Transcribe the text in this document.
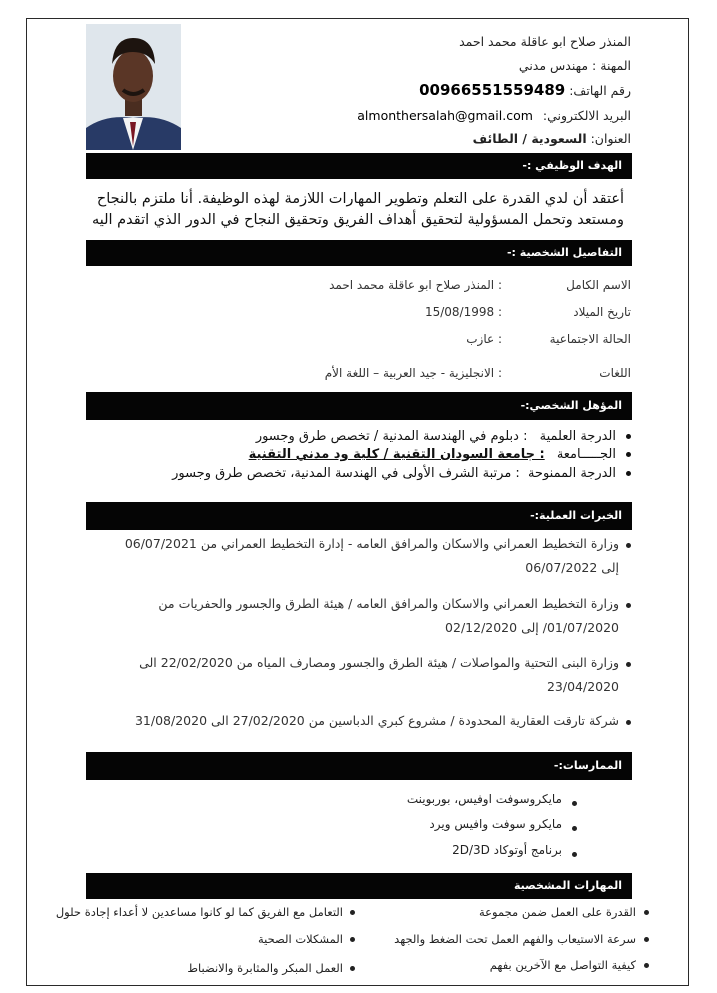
المنذر صلاح ابو عاقلة محمد احمد
المهنة : مهندس مدني
رقم الهاتف: 00966551559489
البريد الالكتروني: almonthersalah@gmail.com
العنوان: السعودية / الطائف
الهدف الوظيفي :-
أعتقد أن لدي القدرة على التعلم وتطوير المهارات اللازمة لهذه الوظيفة. أنا ملتزم بالنجاح
ومستعد وتحمل المسؤولية لتحقيق أهداف الفريق وتحقيق النجاح في الدور الذي اتقدم اليه
التفاصيل الشخصية :-
الاسم الكامل
: المنذر صلاح ابو عاقلة محمد احمد
تاريخ الميلاد
: 15/08/1998
الحالة الاجتماعية
: عازب
اللغات
: الانجليزية - جيد العربية – اللغة الأم
المؤهل الشخصي:-
الدرجة العلمية : دبلوم في الهندسة المدنية / تخصص طرق وجسور
الجـــــامعة : جامعة السودان التقنية / كلية ود مدني التقنية
الدرجة الممنوحة : مرتبة الشرف الأولى في الهندسة المدنية، تخصص طرق وجسور
الخبرات العملية:-
وزارة التخطيط العمراني والاسكان والمرافق العامه - إدارة التخطيط العمراني من 06/07/2021
إلى 06/07/2022
وزارة التخطيط العمراني والاسكان والمرافق العامه / هيئة الطرق والجسور والحفريات من
01/07/2020/ إلى 02/12/2020
وزارة البنى التحتية والمواصلات / هيئة الطرق والجسور ومصارف المياه من 22/02/2020 الى
23/04/2020
شركة تارقت العقارية المحدودة / مشروع كبري الدباسين من 27/02/2020 الى 31/08/2020
الممارسات:-
مايكروسوفت اوفيس، بوربوينت
مايكرو سوفت وافيس ويرد
برنامج أوتوكاد 2D/3D
المهارات المشخصية
القدرة على العمل ضمن مجموعة
سرعة الاستيعاب والفهم العمل تحت الضغط والجهد
كيفية التواصل مع الآخرين بفهم
التعامل مع الفريق كما لو كانوا مساعدين لا أعداء إجادة حلول
المشكلات الصحية
العمل المبكر والمثابرة والانضباط
